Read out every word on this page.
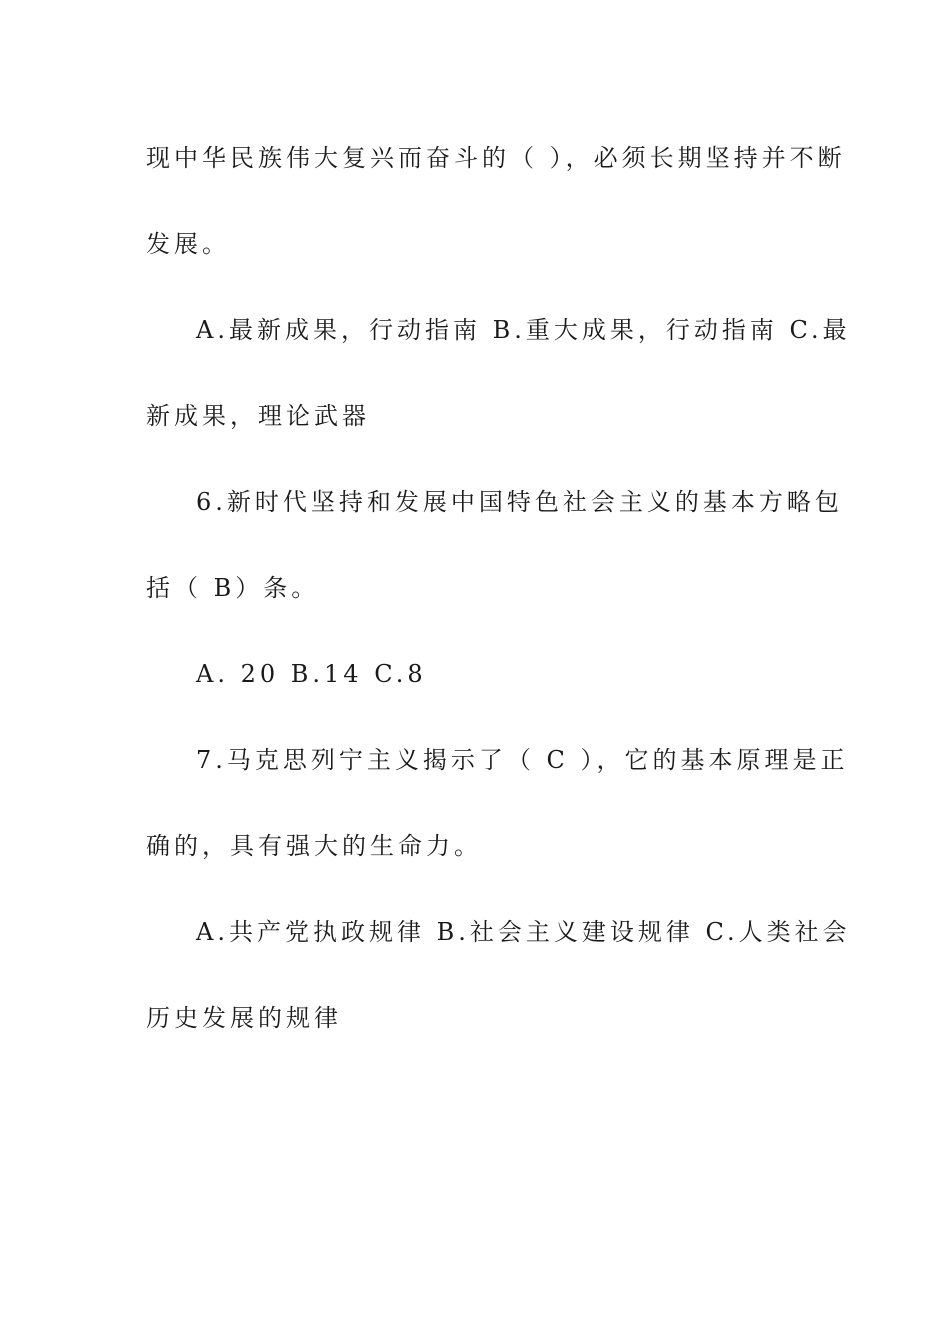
现中华民族伟大复兴而奋斗的（ ），必须长期坚持并不断
发展。
A.最新成果，行动指南 B.重大成果，行动指南 C.最
新成果，理论武器
6.新时代坚持和发展中国特色社会主义的基本方略包
括（ B）条。
A. 20 B.14 C.8
7.马克思列宁主义揭示了（ C ），它的基本原理是正
确的，具有强大的生命力。
A.共产党执政规律 B.社会主义建设规律 C.人类社会
历史发展的规律
